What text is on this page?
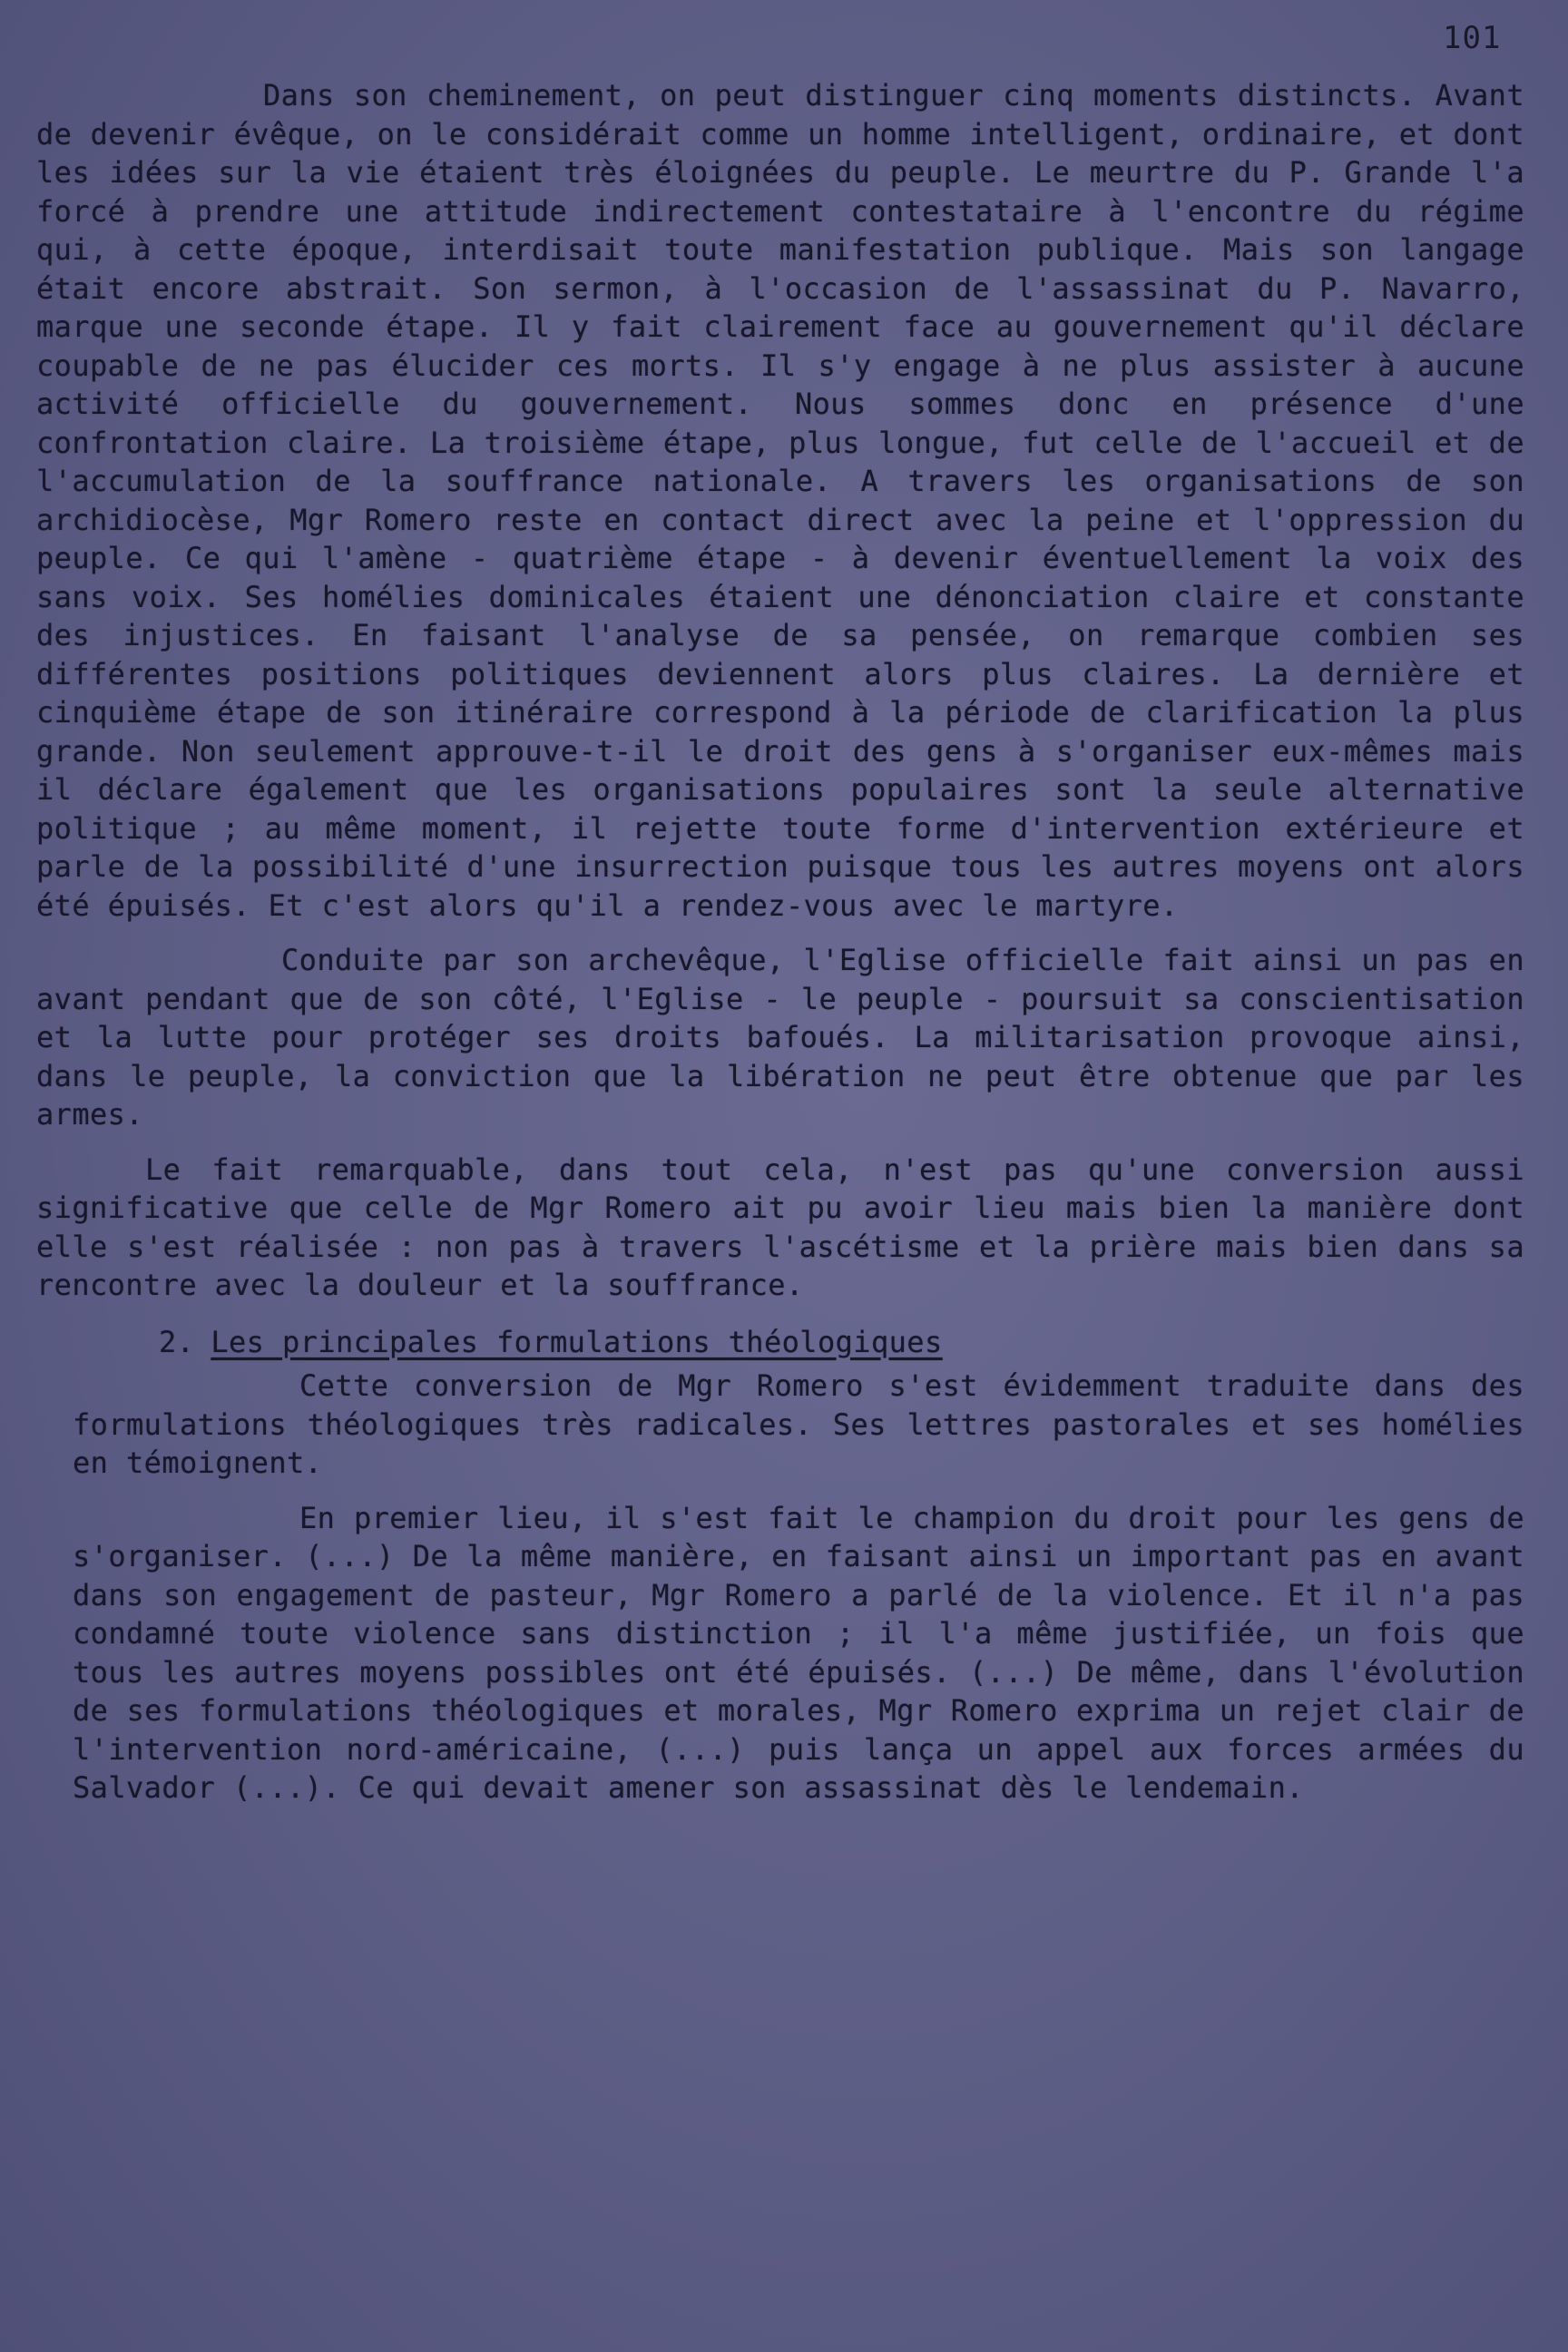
101

Dans son cheminement, on peut distinguer cinq moments distincts. Avant de devenir évêque, on le considérait comme un homme intelligent, ordinaire, et dont les idées sur la vie étaient très éloignées du peuple. Le meurtre du P. Grande l'a forcé à prendre une attitude indirectement contestataire à l'encontre du régime qui, à cette époque, interdisait toute manifestation publique. Mais son langage était encore abstrait. Son sermon, à l'occasion de l'assassinat du P. Navarro, marque une seconde étape. Il y fait clairement face au gouvernement qu'il déclare coupable de ne pas élucider ces morts. Il s'y engage à ne plus assister à aucune activité officielle du gouvernement. Nous sommes donc en présence d'une confrontation claire. La troisième étape, plus longue, fut celle de l'accueil et de l'accumulation de la souffrance nationale. A travers les organisations de son archidiocèse, Mgr Romero reste en contact direct avec la peine et l'oppression du peuple. Ce qui l'amène - quatrième étape - à devenir éventuellement la voix des sans voix. Ses homélies dominicales étaient une dénonciation claire et constante des injustices. En faisant l'analyse de sa pensée, on remarque combien ses différentes positions politiques deviennent alors plus claires. La dernière et cinquième étape de son itinéraire correspond à la période de clarification la plus grande. Non seulement approuve-t-il le droit des gens à s'organiser eux-mêmes mais il déclare également que les organisations populaires sont la seule alternative politique ; au même moment, il rejette toute forme d'intervention extérieure et parle de la possibilité d'une insurrection puisque tous les autres moyens ont alors été épuisés. Et c'est alors qu'il a rendez-vous avec le martyre.

Conduite par son archevêque, l'Eglise officielle fait ainsi un pas en avant pendant que de son côté, l'Eglise - le peuple - poursuit sa conscientisation et la lutte pour protéger ses droits bafoués. La militarisation provoque ainsi, dans le peuple, la conviction que la libération ne peut être obtenue que par les armes.

Le fait remarquable, dans tout cela, n'est pas qu'une conversion aussi significative que celle de Mgr Romero ait pu avoir lieu mais bien la manière dont elle s'est réalisée : non pas à travers l'ascétisme et la prière mais bien dans sa rencontre avec la douleur et la souffrance.

2. Les principales formulations théologiques

Cette conversion de Mgr Romero s'est évidemment traduite dans des formulations théologiques très radicales. Ses lettres pastorales et ses homélies en témoignent.

En premier lieu, il s'est fait le champion du droit pour les gens de s'organiser. (...) De la même manière, en faisant ainsi un important pas en avant dans son engagement de pasteur, Mgr Romero a parlé de la violence. Et il n'a pas condamné toute violence sans distinction ; il l'a même justifiée, un fois que tous les autres moyens possibles ont été épuisés. (...) De même, dans l'évolution de ses formulations théologiques et morales, Mgr Romero exprima un rejet clair de l'intervention nord-américaine, (...) puis lança un appel aux forces armées du Salvador (...). Ce qui devait amener son assassinat dès le lendemain.
